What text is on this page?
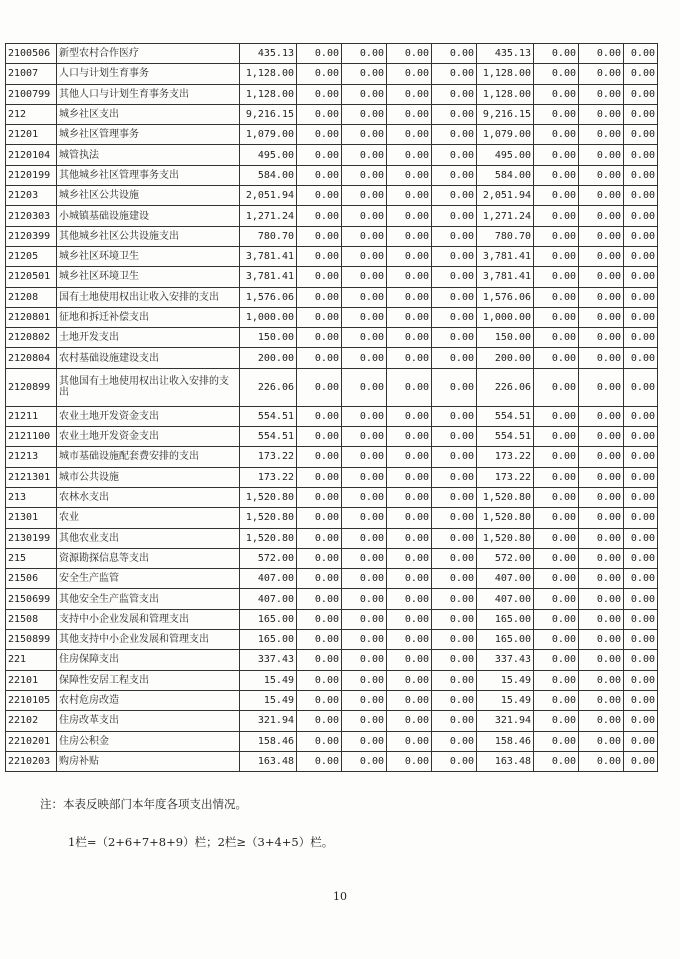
2100506	新型农村合作医疗	435.13	0.00	0.00	0.00	0.00	435.13	0.00	0.00	0.00
21007	人口与计划生育事务	1,128.00	0.00	0.00	0.00	0.00	1,128.00	0.00	0.00	0.00
2100799	其他人口与计划生育事务支出	1,128.00	0.00	0.00	0.00	0.00	1,128.00	0.00	0.00	0.00
212	城乡社区支出	9,216.15	0.00	0.00	0.00	0.00	9,216.15	0.00	0.00	0.00
21201	城乡社区管理事务	1,079.00	0.00	0.00	0.00	0.00	1,079.00	0.00	0.00	0.00
2120104	城管执法	495.00	0.00	0.00	0.00	0.00	495.00	0.00	0.00	0.00
2120199	其他城乡社区管理事务支出	584.00	0.00	0.00	0.00	0.00	584.00	0.00	0.00	0.00
21203	城乡社区公共设施	2,051.94	0.00	0.00	0.00	0.00	2,051.94	0.00	0.00	0.00
2120303	小城镇基础设施建设	1,271.24	0.00	0.00	0.00	0.00	1,271.24	0.00	0.00	0.00
2120399	其他城乡社区公共设施支出	780.70	0.00	0.00	0.00	0.00	780.70	0.00	0.00	0.00
21205	城乡社区环境卫生	3,781.41	0.00	0.00	0.00	0.00	3,781.41	0.00	0.00	0.00
2120501	城乡社区环境卫生	3,781.41	0.00	0.00	0.00	0.00	3,781.41	0.00	0.00	0.00
21208	国有土地使用权出让收入安排的支出	1,576.06	0.00	0.00	0.00	0.00	1,576.06	0.00	0.00	0.00
2120801	征地和拆迁补偿支出	1,000.00	0.00	0.00	0.00	0.00	1,000.00	0.00	0.00	0.00
2120802	土地开发支出	150.00	0.00	0.00	0.00	0.00	150.00	0.00	0.00	0.00
2120804	农村基础设施建设支出	200.00	0.00	0.00	0.00	0.00	200.00	0.00	0.00	0.00
2120899	其他国有土地使用权出让收入安排的支出	226.06	0.00	0.00	0.00	0.00	226.06	0.00	0.00	0.00
21211	农业土地开发资金支出	554.51	0.00	0.00	0.00	0.00	554.51	0.00	0.00	0.00
2121100	农业土地开发资金支出	554.51	0.00	0.00	0.00	0.00	554.51	0.00	0.00	0.00
21213	城市基础设施配套费安排的支出	173.22	0.00	0.00	0.00	0.00	173.22	0.00	0.00	0.00
2121301	城市公共设施	173.22	0.00	0.00	0.00	0.00	173.22	0.00	0.00	0.00
213	农林水支出	1,520.80	0.00	0.00	0.00	0.00	1,520.80	0.00	0.00	0.00
21301	农业	1,520.80	0.00	0.00	0.00	0.00	1,520.80	0.00	0.00	0.00
2130199	其他农业支出	1,520.80	0.00	0.00	0.00	0.00	1,520.80	0.00	0.00	0.00
215	资源勘探信息等支出	572.00	0.00	0.00	0.00	0.00	572.00	0.00	0.00	0.00
21506	安全生产监管	407.00	0.00	0.00	0.00	0.00	407.00	0.00	0.00	0.00
2150699	其他安全生产监管支出	407.00	0.00	0.00	0.00	0.00	407.00	0.00	0.00	0.00
21508	支持中小企业发展和管理支出	165.00	0.00	0.00	0.00	0.00	165.00	0.00	0.00	0.00
2150899	其他支持中小企业发展和管理支出	165.00	0.00	0.00	0.00	0.00	165.00	0.00	0.00	0.00
221	住房保障支出	337.43	0.00	0.00	0.00	0.00	337.43	0.00	0.00	0.00
22101	保障性安居工程支出	15.49	0.00	0.00	0.00	0.00	15.49	0.00	0.00	0.00
2210105	农村危房改造	15.49	0.00	0.00	0.00	0.00	15.49	0.00	0.00	0.00
22102	住房改革支出	321.94	0.00	0.00	0.00	0.00	321.94	0.00	0.00	0.00
2210201	住房公积金	158.46	0.00	0.00	0.00	0.00	158.46	0.00	0.00	0.00
2210203	购房补贴	163.48	0.00	0.00	0.00	0.00	163.48	0.00	0.00	0.00
注：本表反映部门本年度各项支出情况。
1栏=（2+6+7+8+9）栏；2栏≥（3+4+5）栏。
10
